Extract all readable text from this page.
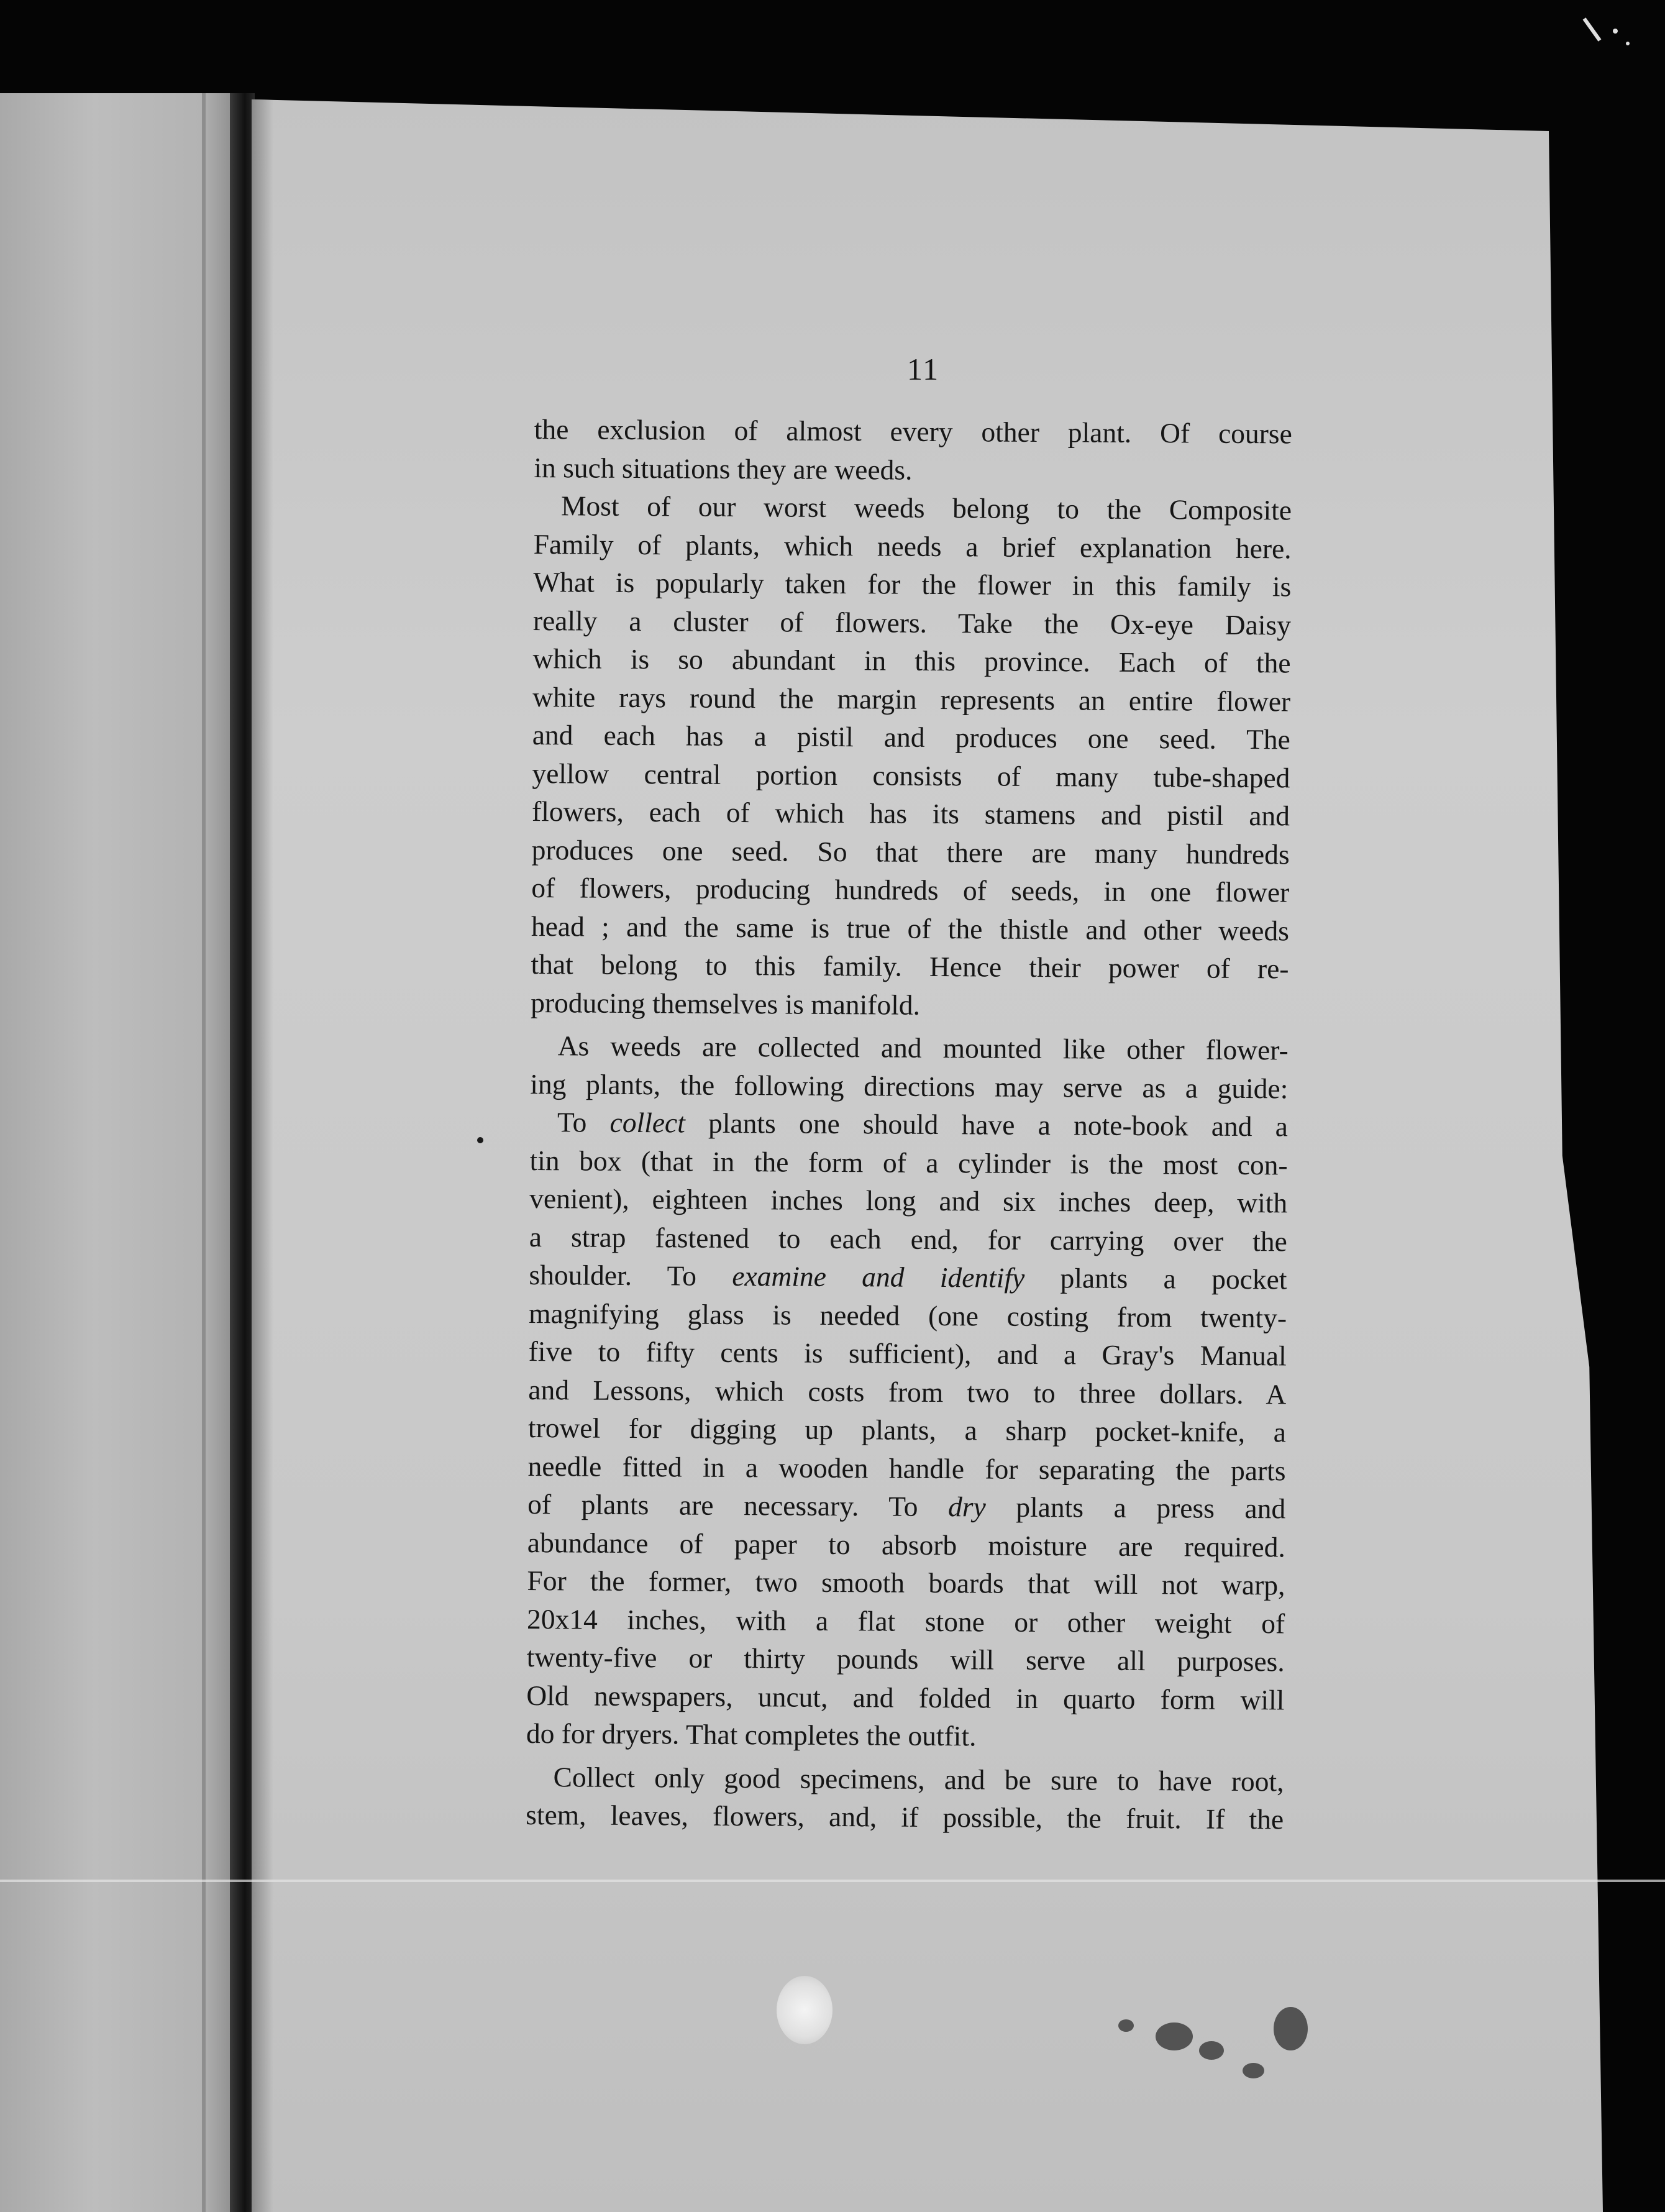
11
the exclusion of almost every other plant. Of course
in such situations they are weeds.
Most of our worst weeds belong to the Composite
Family of plants, which needs a brief explanation here.
What is popularly taken for the flower in this family is
really a cluster of flowers. Take the Ox-eye Daisy
which is so abundant in this province. Each of the
white rays round the margin represents an entire flower
and each has a pistil and produces one seed. The
yellow central portion consists of many tube-shaped
flowers, each of which has its stamens and pistil and
produces one seed. So that there are many hundreds
of flowers, producing hundreds of seeds, in one flower
head ; and the same is true of the thistle and other weeds
that belong to this family. Hence their power of re-
producing themselves is manifold.
As weeds are collected and mounted like other flower-
ing plants, the following directions may serve as a guide:
To collect plants one should have a note-book and a
tin box (that in the form of a cylinder is the most con-
venient), eighteen inches long and six inches deep, with
a strap fastened to each end, for carrying over the
shoulder. To examine and identify plants a pocket
magnifying glass is needed (one costing from twenty-
five to fifty cents is sufficient), and a Gray's Manual
and Lessons, which costs from two to three dollars. A
trowel for digging up plants, a sharp pocket-knife, a
needle fitted in a wooden handle for separating the parts
of plants are necessary. To dry plants a press and
abundance of paper to absorb moisture are required.
For the former, two smooth boards that will not warp,
20x14 inches, with a flat stone or other weight of
twenty-five or thirty pounds will serve all purposes.
Old newspapers, uncut, and folded in quarto form will
do for dryers. That completes the outfit.
Collect only good specimens, and be sure to have root,
stem, leaves, flowers, and, if possible, the fruit. If the
